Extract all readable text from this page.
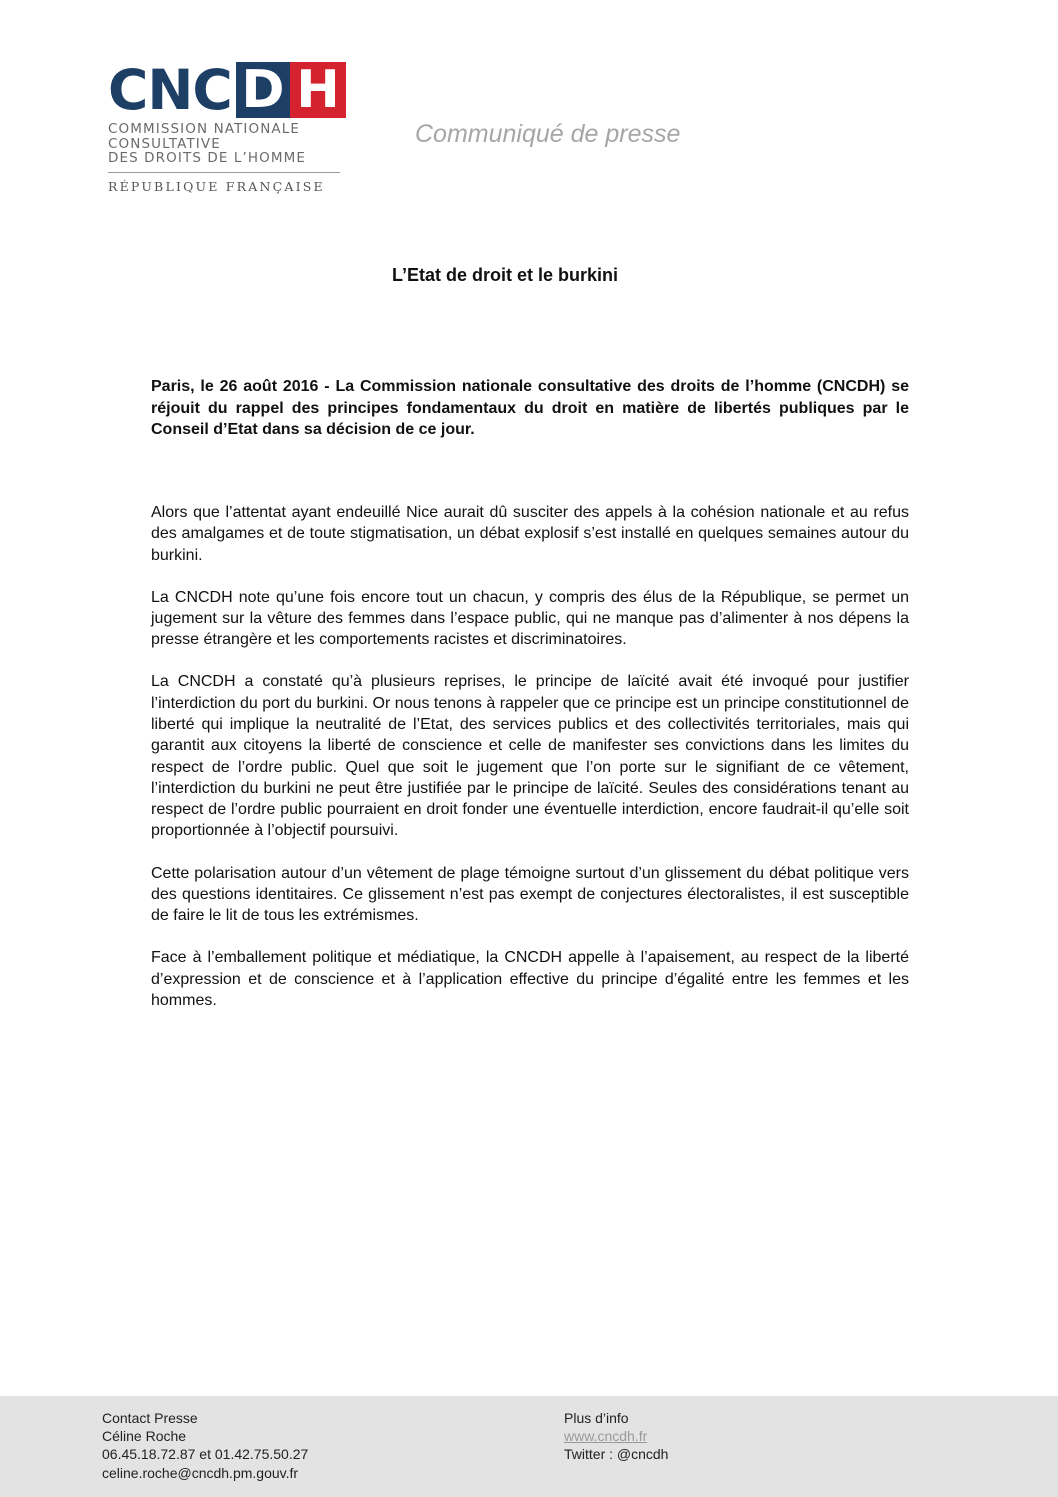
CNC D H
COMMISSION NATIONALE
CONSULTATIVE
DES DROITS DE L’HOMME
RÉPUBLIQUE FRANÇAISE
Communiqué de presse
L’Etat de droit et le burkini
Paris, le 26 août 2016 - La Commission nationale consultative des droits de l’homme (CNCDH) se réjouit du rappel des principes fondamentaux du droit en matière de libertés publiques par le Conseil d’Etat dans sa décision de ce jour.

Alors que l’attentat ayant endeuillé Nice aurait dû susciter des appels à la cohésion nationale et au refus des amalgames et de toute stigmatisation, un débat explosif s’est installé en quelques semaines autour du burkini.

La CNCDH note qu’une fois encore tout un chacun, y compris des élus de la République, se permet un jugement sur la vêture des femmes dans l’espace public, qui ne manque pas d’alimenter à nos dépens la presse étrangère et les comportements racistes et discriminatoires.

La CNCDH a constaté qu’à plusieurs reprises, le principe de laïcité avait été invoqué pour justifier l’interdiction du port du burkini. Or nous tenons à rappeler que ce principe est un principe constitutionnel de liberté qui implique la neutralité de l’Etat, des services publics et des collectivités territoriales, mais qui garantit aux citoyens la liberté de conscience et celle de manifester ses convictions dans les limites du respect de l’ordre public. Quel que soit le jugement que l’on porte sur le signifiant de ce vêtement, l’interdiction du burkini ne peut être justifiée par le principe de laïcité. Seules des considérations tenant au respect de l’ordre public pourraient en droit fonder une éventuelle interdiction, encore faudrait-il qu’elle soit proportionnée à l’objectif poursuivi.

Cette polarisation autour d’un vêtement de plage témoigne surtout d’un glissement du débat politique vers des questions identitaires. Ce glissement n’est pas exempt de conjectures électoralistes, il est susceptible de faire le lit de tous les extrémismes.

Face à l’emballement politique et médiatique, la CNCDH appelle à l’apaisement, au respect de la liberté d’expression et de conscience et à l’application effective du principe d’égalité entre les femmes et les hommes.

Contact Presse
Céline Roche
06.45.18.72.87 et 01.42.75.50.27
celine.roche@cncdh.pm.gouv.fr
Plus d’info
www.cncdh.fr
Twitter : @cncdh
